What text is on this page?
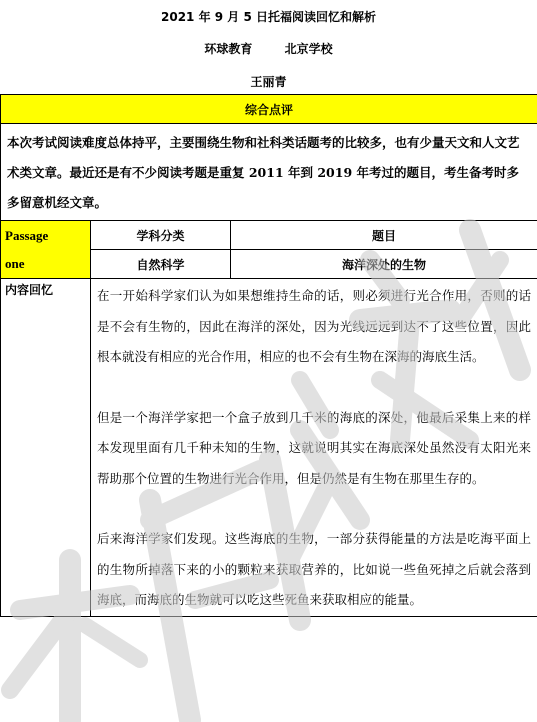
2021 年 9 月 5 日托福阅读回忆和解析
环球教育	北京学校
王丽青
综合点评		
本次考试阅读难度总体持平，主要围绕生物和社科类话题考的比较多，也有少量天文和人文艺术类文章。最近还是有不少阅读考题是重复 2011 年到 2019 年考过的题目，考生备考时多多留意机经文章。		

Passage
one	学科分类	题目
	自然科学	海洋深处的生物
内容回忆	在一开始科学家们认为如果想维持生命的话，则必须进行光合作用，否则的话是不会有生物的，因此在海洋的深处，因为光线远远到达不了这些位置，因此根本就没有相应的光合作用，相应的也不会有生物在深海的海底生活。

但是一个海洋学家把一个盒子放到几千米的海底的深处，他最后采集上来的样本发现里面有几千种未知的生物，这就说明其实在海底深处虽然没有太阳光来帮助那个位置的生物进行光合作用，但是仍然是有生物在那里生存的。

后来海洋学家们发现。这些海底的生物，一部分获得能量的方法是吃海平面上的生物所掉落下来的小的颗粒来获取营养的，比如说一些鱼死掉之后就会落到海底，而海底的生物就可以吃这些死鱼来获取相应的能量。	
